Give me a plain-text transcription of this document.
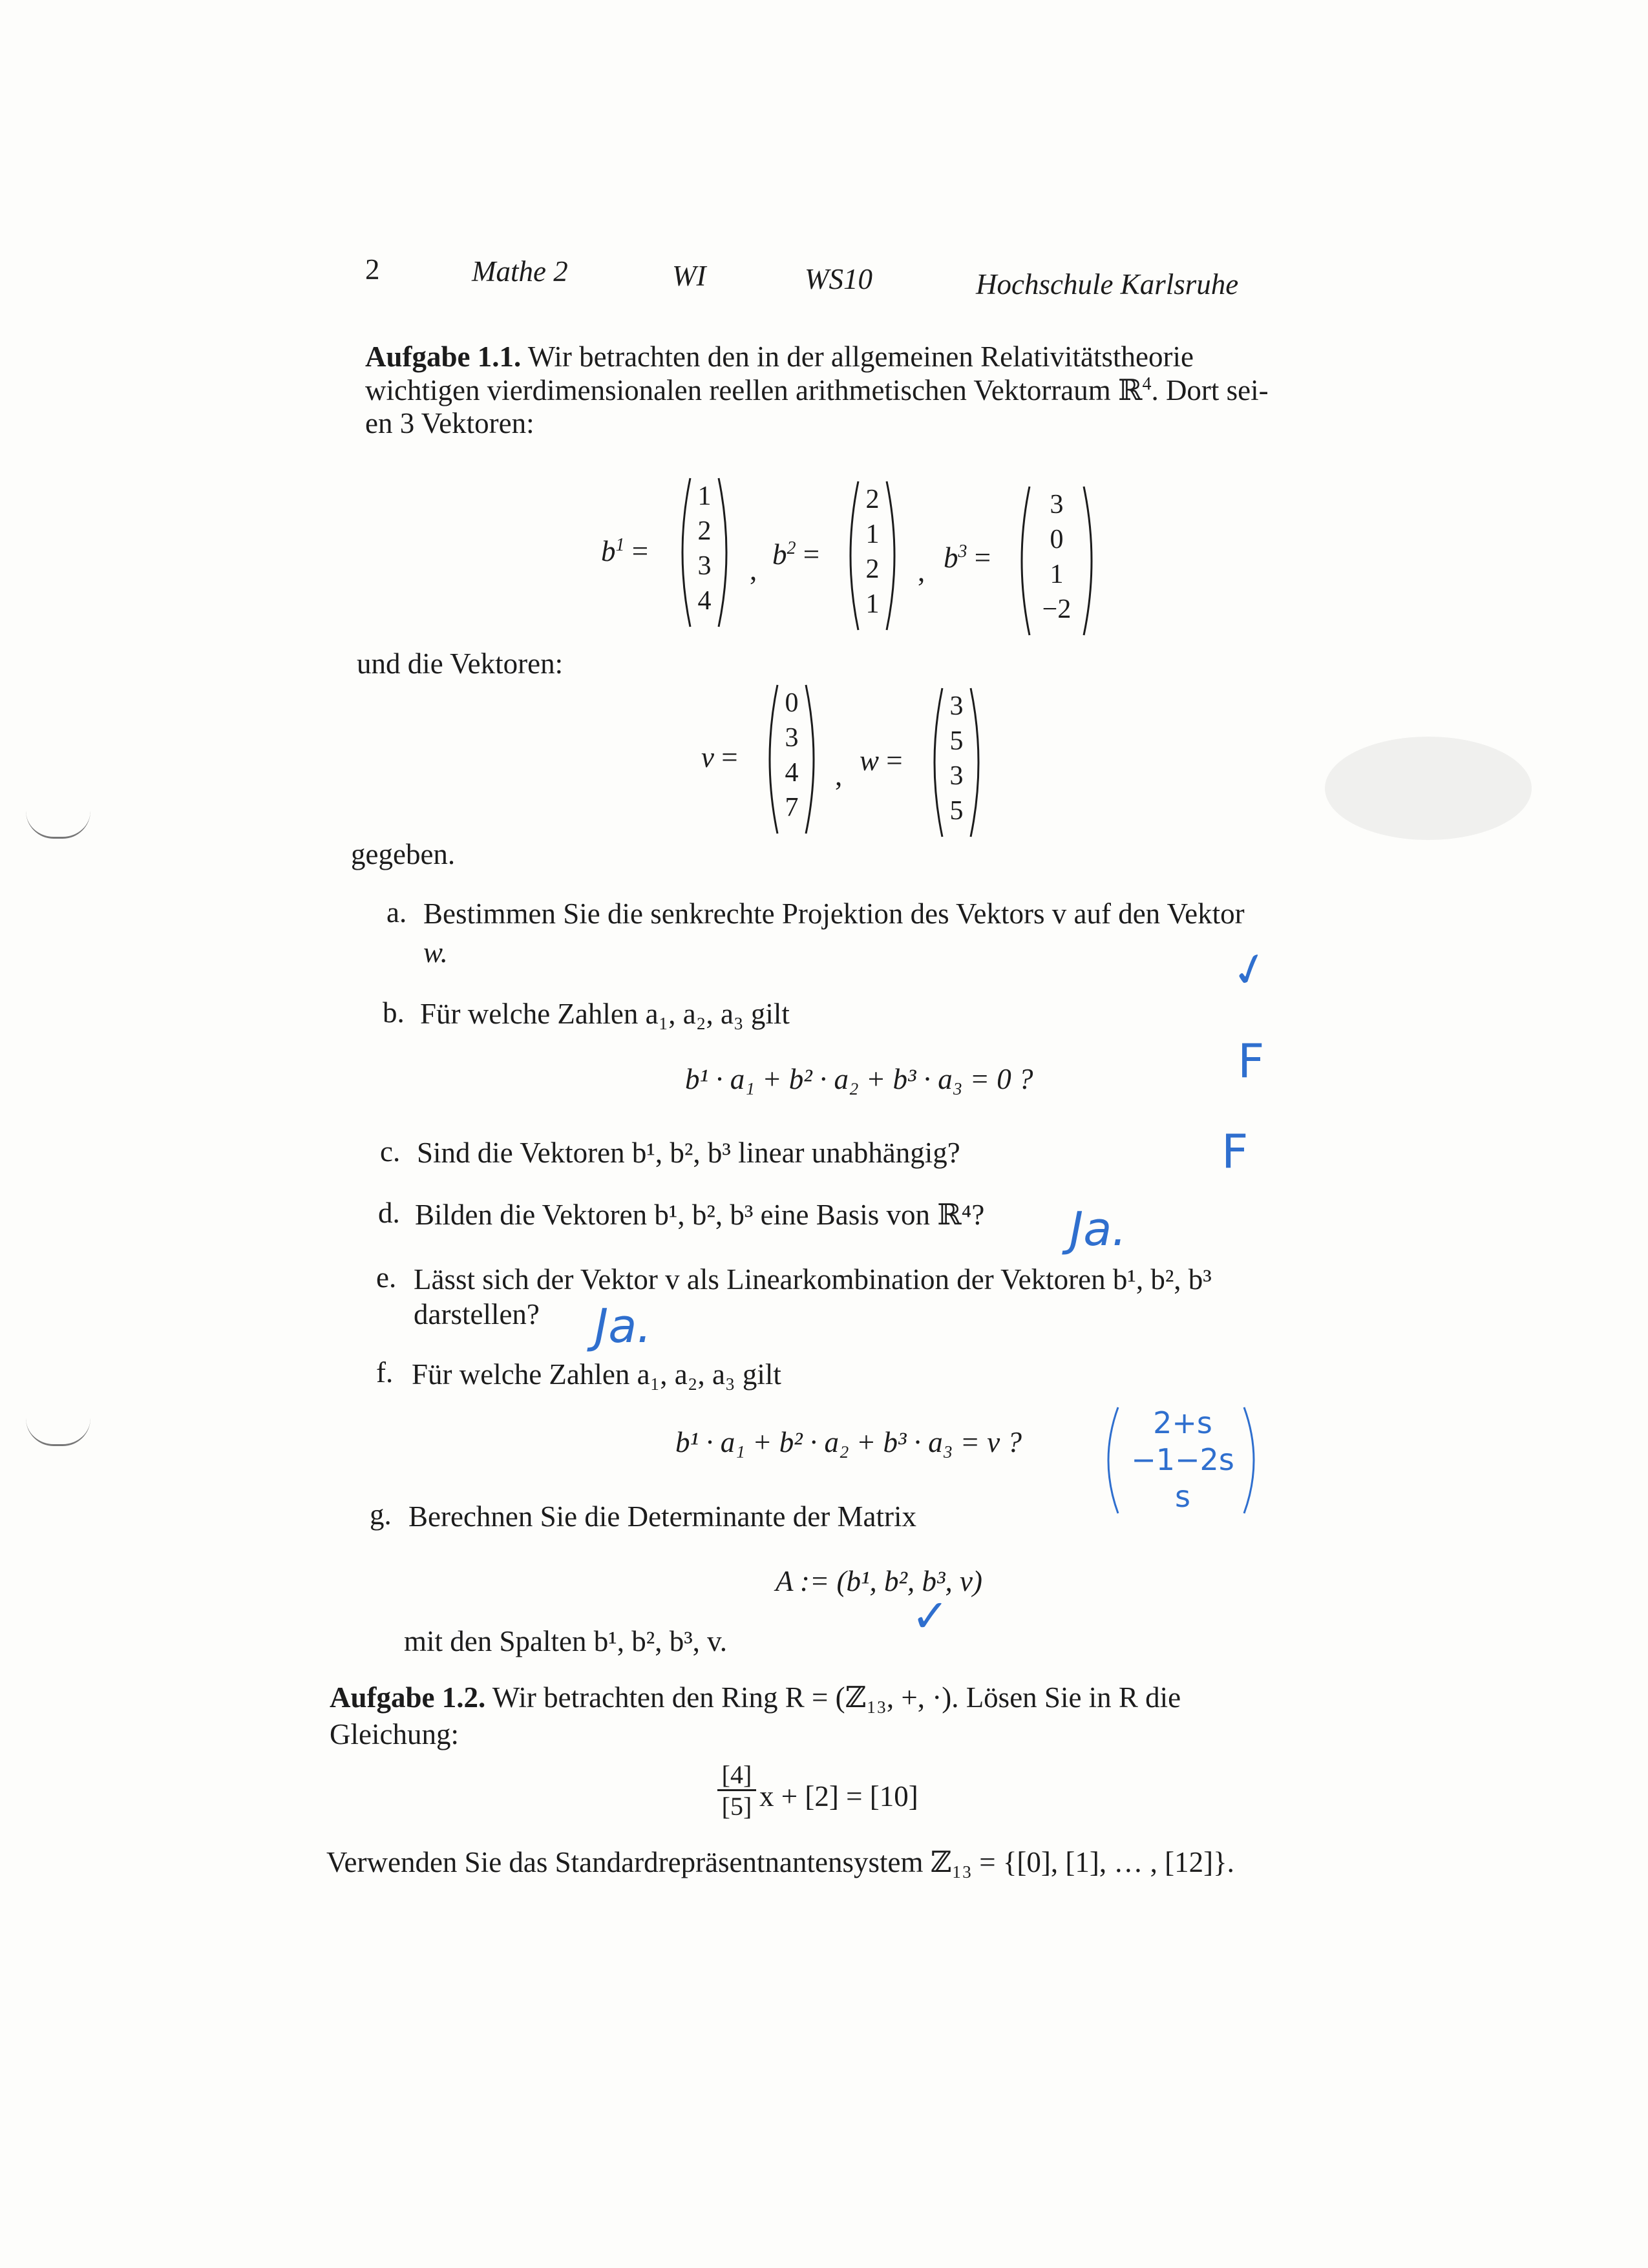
2	Mathe 2	WI	WS10	Hochschule Karlsruhe
Aufgabe 1.1. Wir betrachten den in der allgemeinen Relativitätstheorie
wichtigen vierdimensionalen reellen arithmetischen Vektorraum ℝ$^4$. Dort sei-
en 3 Vektoren:
$b^1$ =
1
2
3
4
, $b^2$ =
2
1
2
1
, $b^3$ =
3
0
1
−2
und die Vektoren:
v =
0
3
4
7
, w =
3
5
3
5
gegeben.
a. Bestimmen Sie die senkrechte Projektion des Vektors v auf den Vektor
w.
b. Für welche Zahlen a₁, a₂, a₃ gilt
b¹ · a₁ + b² · a₂ + b³ · a₃ = 0 ?
c. Sind die Vektoren b¹, b², b³ linear unabhängig?
d. Bilden die Vektoren b¹, b², b³ eine Basis von ℝ⁴?
e. Lässt sich der Vektor v als Linearkombination der Vektoren b¹, b², b³
darstellen?
f. Für welche Zahlen a₁, a₂, a₃ gilt
b¹ · a₁ + b² · a₂ + b³ · a₃ = v ?
g. Berechnen Sie die Determinante der Matrix
A := (b¹, b², b³, v)
mit den Spalten b¹, b², b³, v.
Aufgabe 1.2. Wir betrachten den Ring R = (ℤ₁₃, +, ·). Lösen Sie in R die
Gleichung:
[4]
[5] x + [2] = [10]
Verwenden Sie das Standardrepräsentnantensystem ℤ₁₃ = {[0], [1], … , [12]}.
✓
F
F
Ja.
Ja.
2+s
−1−2s
s
✓
